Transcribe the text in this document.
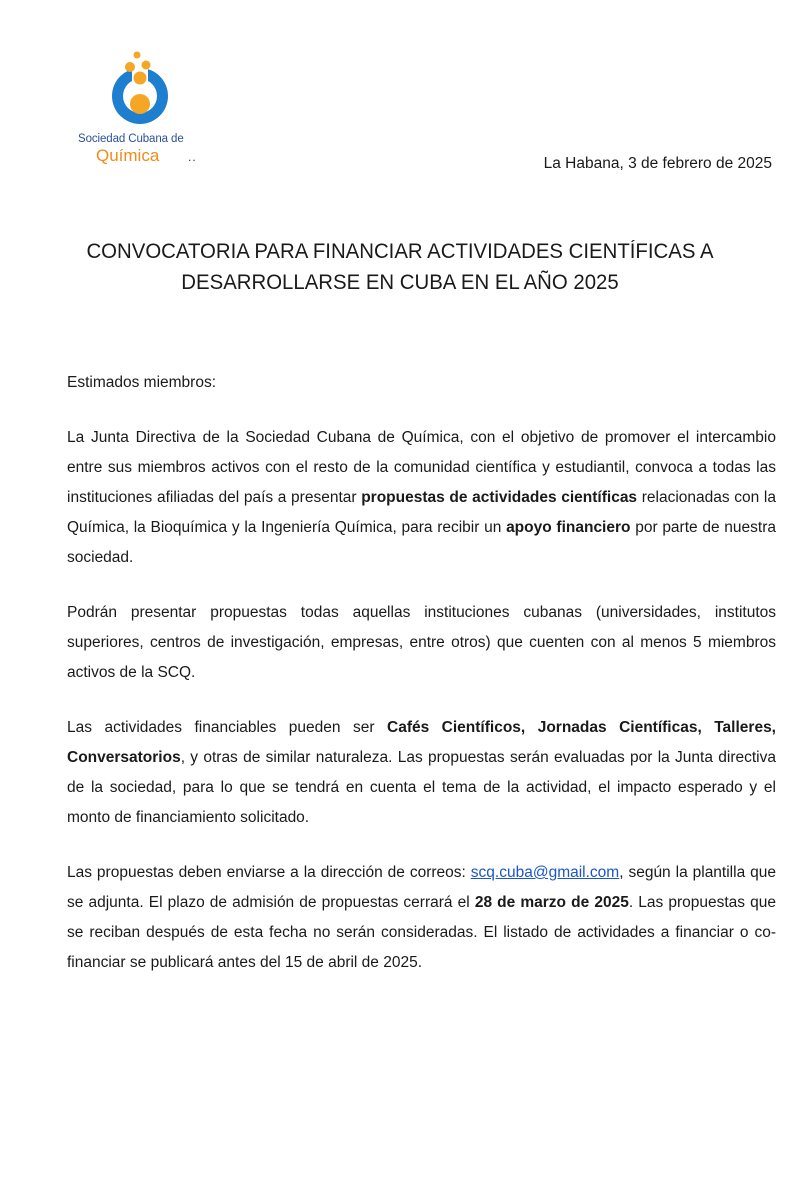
Sociedad Cubana de
Química ..	La Habana, 3 de febrero de 2025
CONVOCATORIA PARA FINANCIAR ACTIVIDADES CIENTÍFICAS A
DESARROLLARSE EN CUBA EN EL AÑO 2025

Estimados miembros:

La Junta Directiva de la Sociedad Cubana de Química, con el objetivo de promover el intercambio entre sus miembros activos con el resto de la comunidad científica y estudiantil, convoca a todas las instituciones afiliadas del país a presentar propuestas de actividades científicas relacionadas con la Química, la Bioquímica y la Ingeniería Química, para recibir un apoyo financiero por parte de nuestra sociedad.

Podrán presentar propuestas todas aquellas instituciones cubanas (universidades, institutos superiores, centros de investigación, empresas, entre otros) que cuenten con al menos 5 miembros activos de la SCQ.

Las actividades financiables pueden ser Cafés Científicos, Jornadas Científicas, Talleres, Conversatorios, y otras de similar naturaleza. Las propuestas serán evaluadas por la Junta directiva de la sociedad, para lo que se tendrá en cuenta el tema de la actividad, el impacto esperado y el monto de financiamiento solicitado.

Las propuestas deben enviarse a la dirección de correos: scq.cuba@gmail.com, según la plantilla que se adjunta. El plazo de admisión de propuestas cerrará el 28 de marzo de 2025. Las propuestas que se reciban después de esta fecha no serán consideradas. El listado de actividades a financiar o co-financiar se publicará antes del 15 de abril de 2025.
